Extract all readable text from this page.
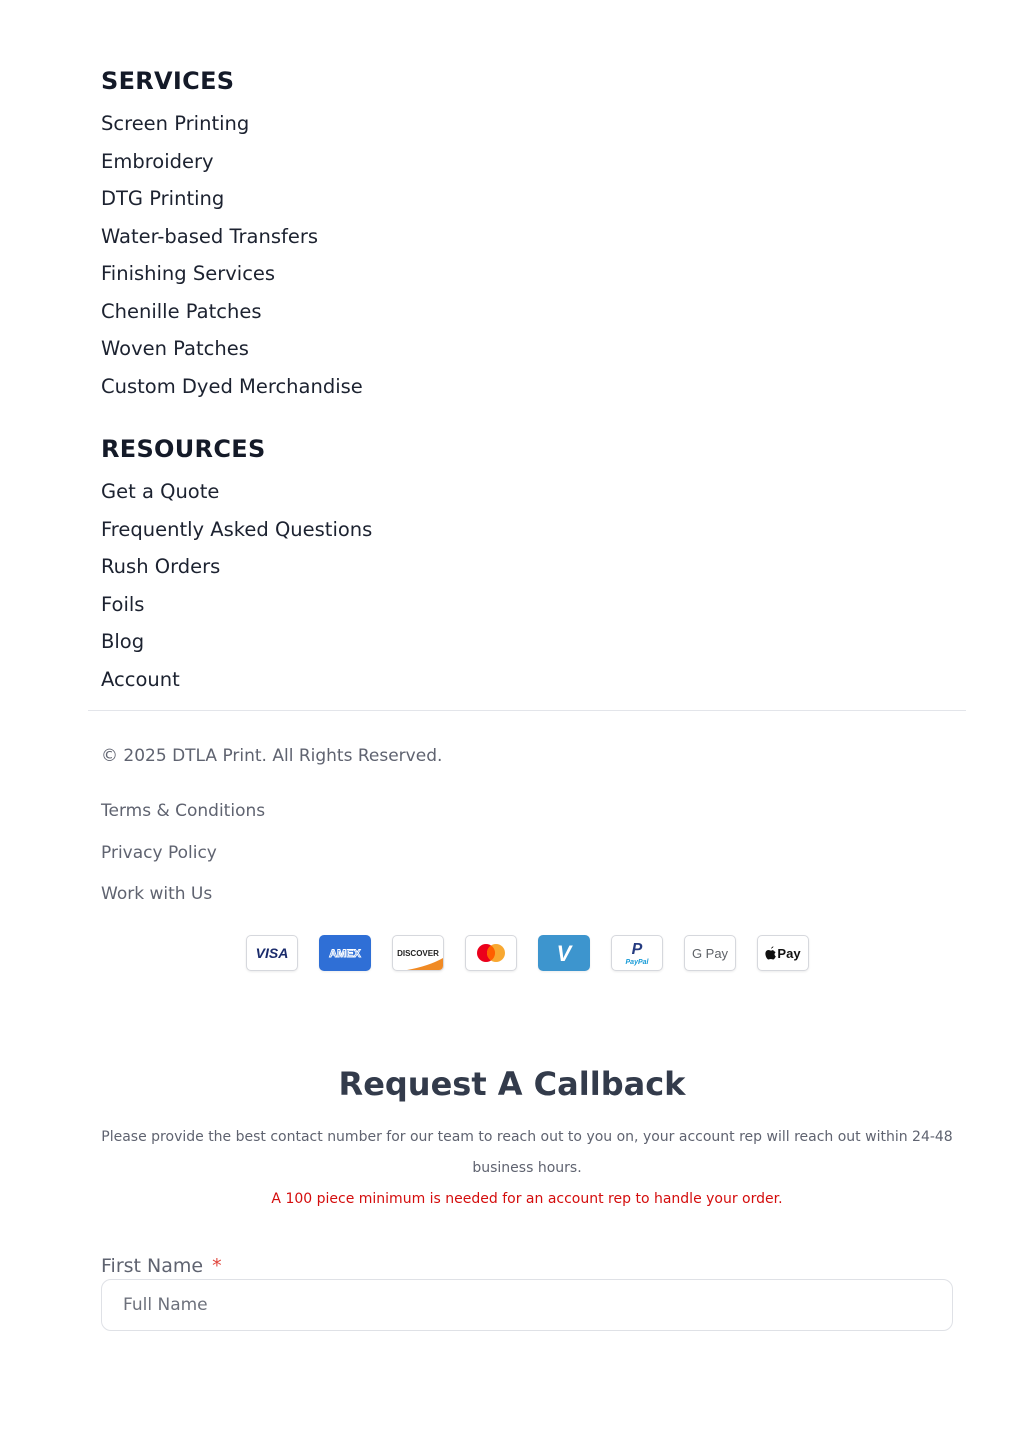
SERVICES
Screen Printing
Embroidery
DTG Printing
Water-based Transfers
Finishing Services
Chenille Patches
Woven Patches
Custom Dyed Merchandise
RESOURCES
Get a Quote
Frequently Asked Questions
Rush Orders
Foils
Blog
Account

© 2025 DTLA Print. All Rights Reserved.

Terms & Conditions
Privacy Policy
Work with Us
VISA	AMEX	DISCOVER	V	P
PayPal
G Pay	Pay
Request A Callback

Please provide the best contact number for our team to reach out to you on, your account rep will reach out within 24-48 business hours.

A 100 piece minimum is needed for an account rep to handle your order.

First Name *
Full Name
